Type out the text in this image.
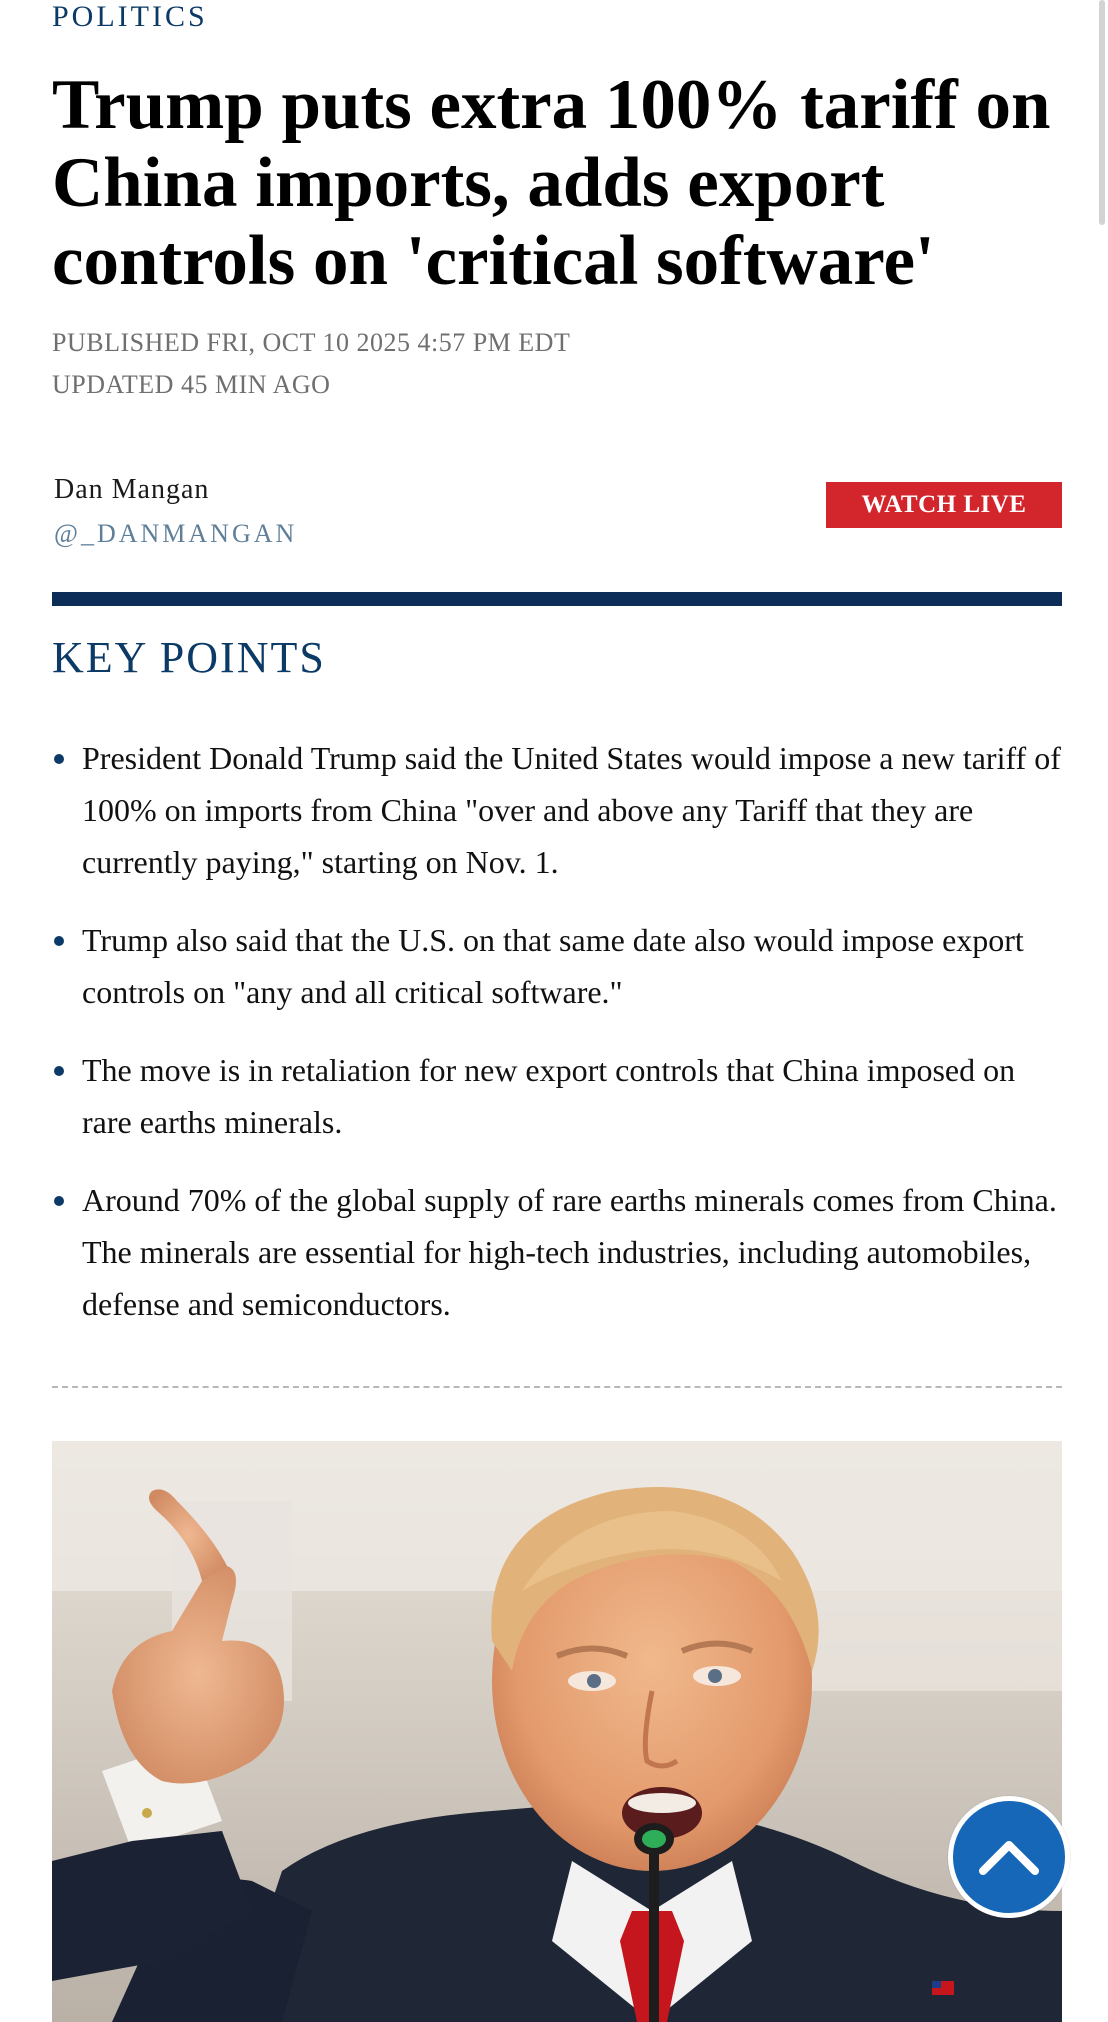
POLITICS
Trump puts extra 100% tariff on China imports, adds export controls on 'critical software'
PUBLISHED FRI, OCT 10 2025 4:57 PM EDT
UPDATED 45 MIN AGO
Dan Mangan
@_DANMANGAN
WATCH LIVE
KEY POINTS
President Donald Trump said the United States would impose a new tariff of 100% on imports from China "over and above any Tariff that they are currently paying," starting on Nov. 1.
Trump also said that the U.S. on that same date also would impose export controls on "any and all critical software."
The move is in retaliation for new export controls that China imposed on rare earths minerals.
Around 70% of the global supply of rare earths minerals comes from China. The minerals are essential for high-tech industries, including automobiles, defense and semiconductors.
